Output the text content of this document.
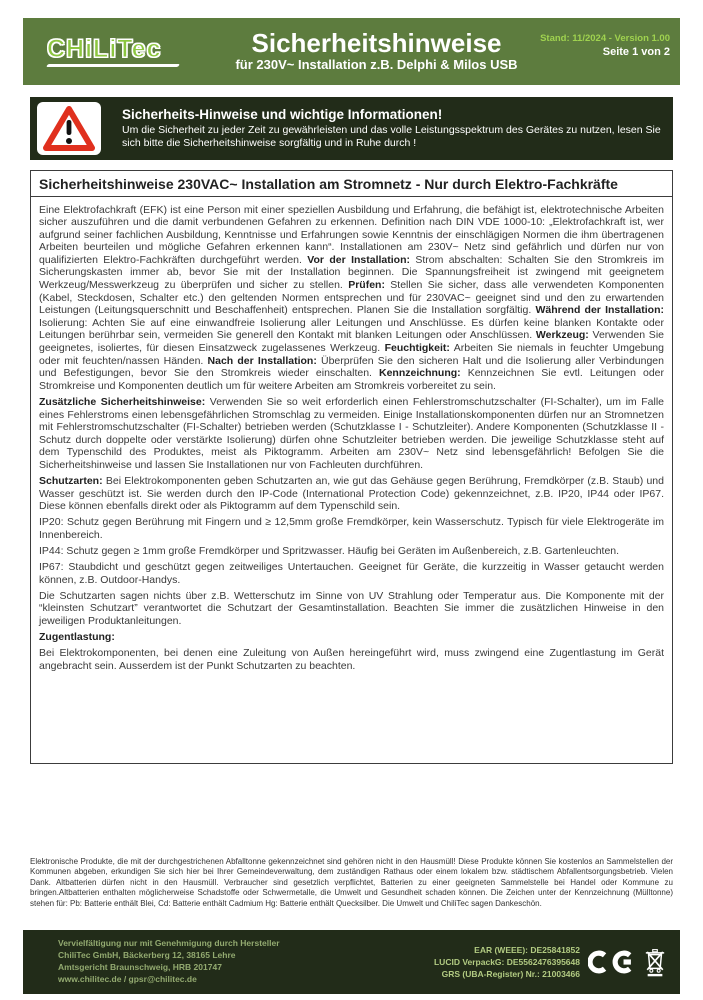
CHiLiTec	Sicherheitshinweise
für 230V~ Installation z.B. Delphi & Milos USB
Stand: 11/2024 - Version 1.00
Seite 1 von 2
Sicherheits-Hinweise und wichtige Informationen!
Um die Sicherheit zu jeder Zeit zu gewährleisten und das volle Leistungsspektrum des Gerätes zu nutzen, lesen Sie sich bitte die Sicherheitshinweise sorgfältig und in Ruhe durch !
Sicherheitshinweise 230VAC~ Installation am Stromnetz - Nur durch Elektro-Fachkräfte

Eine Elektrofachkraft (EFK) ist eine Person mit einer speziellen Ausbildung und Erfahrung, die befähigt ist, elektrotechnische Arbeiten sicher auszuführen und die damit verbundenen Gefahren zu erkennen. Definition nach DIN VDE 1000-10: „Elektrofachkraft ist, wer aufgrund seiner fachlichen Ausbildung, Kenntnisse und Erfahrungen sowie Kenntnis der einschlägigen Normen die ihm übertragenen Arbeiten beurteilen und mögliche Gefahren erkennen kann“. Installationen am 230V~ Netz sind gefährlich und dürfen nur von qualifizierten Elektro-Fachkräften durchgeführt werden. Vor der Installation: Strom abschalten: Schalten Sie den Stromkreis im Sicherungskasten immer ab, bevor Sie mit der Installation beginnen. Die Spannungsfreiheit ist zwingend mit geeignetem Werkzeug/Messwerkzeug zu überprüfen und sicher zu stellen. Prüfen: Stellen Sie sicher, dass alle verwendeten Komponenten (Kabel, Steckdosen, Schalter etc.) den geltenden Normen entsprechen und für 230VAC~ geeignet sind und den zu erwartenden Leistungen (Leitungsquerschnitt und Beschaffenheit) entsprechen. Planen Sie die Installation sorgfältig. Während der Installation: Isolierung: Achten Sie auf eine einwandfreie Isolierung aller Leitungen und Anschlüsse. Es dürfen keine blanken Kontakte oder Leitungen berührbar sein, vermeiden Sie generell den Kontakt mit blanken Leitungen oder Anschlüssen. Werkzeug: Verwenden Sie geeignetes, isoliertes, für diesen Einsatzweck zugelassenes Werkzeug. Feuchtigkeit: Arbeiten Sie niemals in feuchter Umgebung oder mit feuchten/nassen Händen. Nach der Installation: Überprüfen Sie den sicheren Halt und die Isolierung aller Verbindungen und Befestigungen, bevor Sie den Stromkreis wieder einschalten. Kennzeichnung: Kennzeichnen Sie evtl. Leitungen oder Stromkreise und Komponenten deutlich um für weitere Arbeiten am Stromkreis vorbereitet zu sein.

Zusätzliche Sicherheitshinweise: Verwenden Sie so weit erforderlich einen Fehlerstromschutzschalter (FI-Schalter), um im Falle eines Fehlerstroms einen lebensgefährlichen Stromschlag zu vermeiden. Einige Installationskomponenten dürfen nur an Stromnetzen mit Fehlerstromschutzschalter (FI-Schalter) betrieben werden (Schutzklasse I - Schutzleiter). Andere Komponenten (Schutzklasse II - Schutz durch doppelte oder verstärkte Isolierung) dürfen ohne Schutzleiter betrieben werden. Die jeweilige Schutzklasse steht auf dem Typenschild des Produktes, meist als Piktogramm. Arbeiten am 230V~ Netz sind lebensgefährlich! Befolgen Sie die Sicherheitshinweise und lassen Sie Installationen nur von Fachleuten durchführen.

Schutzarten: Bei Elektrokomponenten geben Schutzarten an, wie gut das Gehäuse gegen Berührung, Fremdkörper (z.B. Staub) und Wasser geschützt ist. Sie werden durch den IP-Code (International Protection Code) gekennzeichnet, z.B. IP20, IP44 oder IP67. Diese können ebenfalls direkt oder als Piktogramm auf dem Typenschild sein.

IP20: Schutz gegen Berührung mit Fingern und ≥ 12,5mm große Fremdkörper, kein Wasserschutz. Typisch für viele Elektrogeräte im Innenbereich.

IP44: Schutz gegen ≥ 1mm große Fremdkörper und Spritzwasser. Häufig bei Geräten im Außenbereich, z.B. Gartenleuchten.

IP67: Staubdicht und geschützt gegen zeitweiliges Untertauchen. Geeignet für Geräte, die kurzzeitig in Wasser getaucht werden können, z.B. Outdoor-Handys.

Die Schutzarten sagen nichts über z.B. Wetterschutz im Sinne von UV Strahlung oder Temperatur aus. Die Komponente mit der “kleinsten Schutzart” verantwortet die Schutzart der Gesamtinstallation. Beachten Sie immer die zusätzlichen Hinweise in den jeweiligen Produktanleitungen.

Zugentlastung:

Bei Elektrokomponenten, bei denen eine Zuleitung von Außen hereingeführt wird, muss zwingend eine Zugentlastung im Gerät angebracht sein. Ausserdem ist der Punkt Schutzarten zu beachten.

Elektronische Produkte, die mit der durchgestrichenen Abfalltonne gekennzeichnet sind gehören nicht in den Hausmüll! Diese Produkte können Sie kostenlos an Sammelstellen der Kommunen abgeben, erkundigen Sie sich hier bei Ihrer Gemeindeverwaltung, dem zuständigen Rathaus oder einem lokalem bzw. städtischem Abfallentsorgungsbetrieb. Vielen Dank. Altbatterien dürfen nicht in den Hausmüll. Verbraucher sind gesetzlich verpflichtet, Batterien zu einer geeigneten Sammelstelle bei Handel oder Kommune zu bringen.Altbatterien enthalten möglicherweise Schadstoffe oder Schwermetalle, die Umwelt und Gesundheit schaden können. Die Zeichen unter der Kennzeichnung (Mülltonne) stehen für: Pb: Batterie enthält Blei, Cd: Batterie enthält Cadmium Hg: Batterie enthält Quecksilber. Die Umwelt und ChiliTec sagen Dankeschön.
Vervielfältigung nur mit Genehmigung durch Hersteller
ChiliTec GmbH, Bäckerberg 12, 38165 Lehre
Amtsgericht Braunschweig, HRB 201747
www.chilitec.de / gpsr@chilitec.de
EAR (WEEE): DE25841852
LUCID VerpackG: DE5562476395648
GRS (UBA-Register) Nr.: 21003466
